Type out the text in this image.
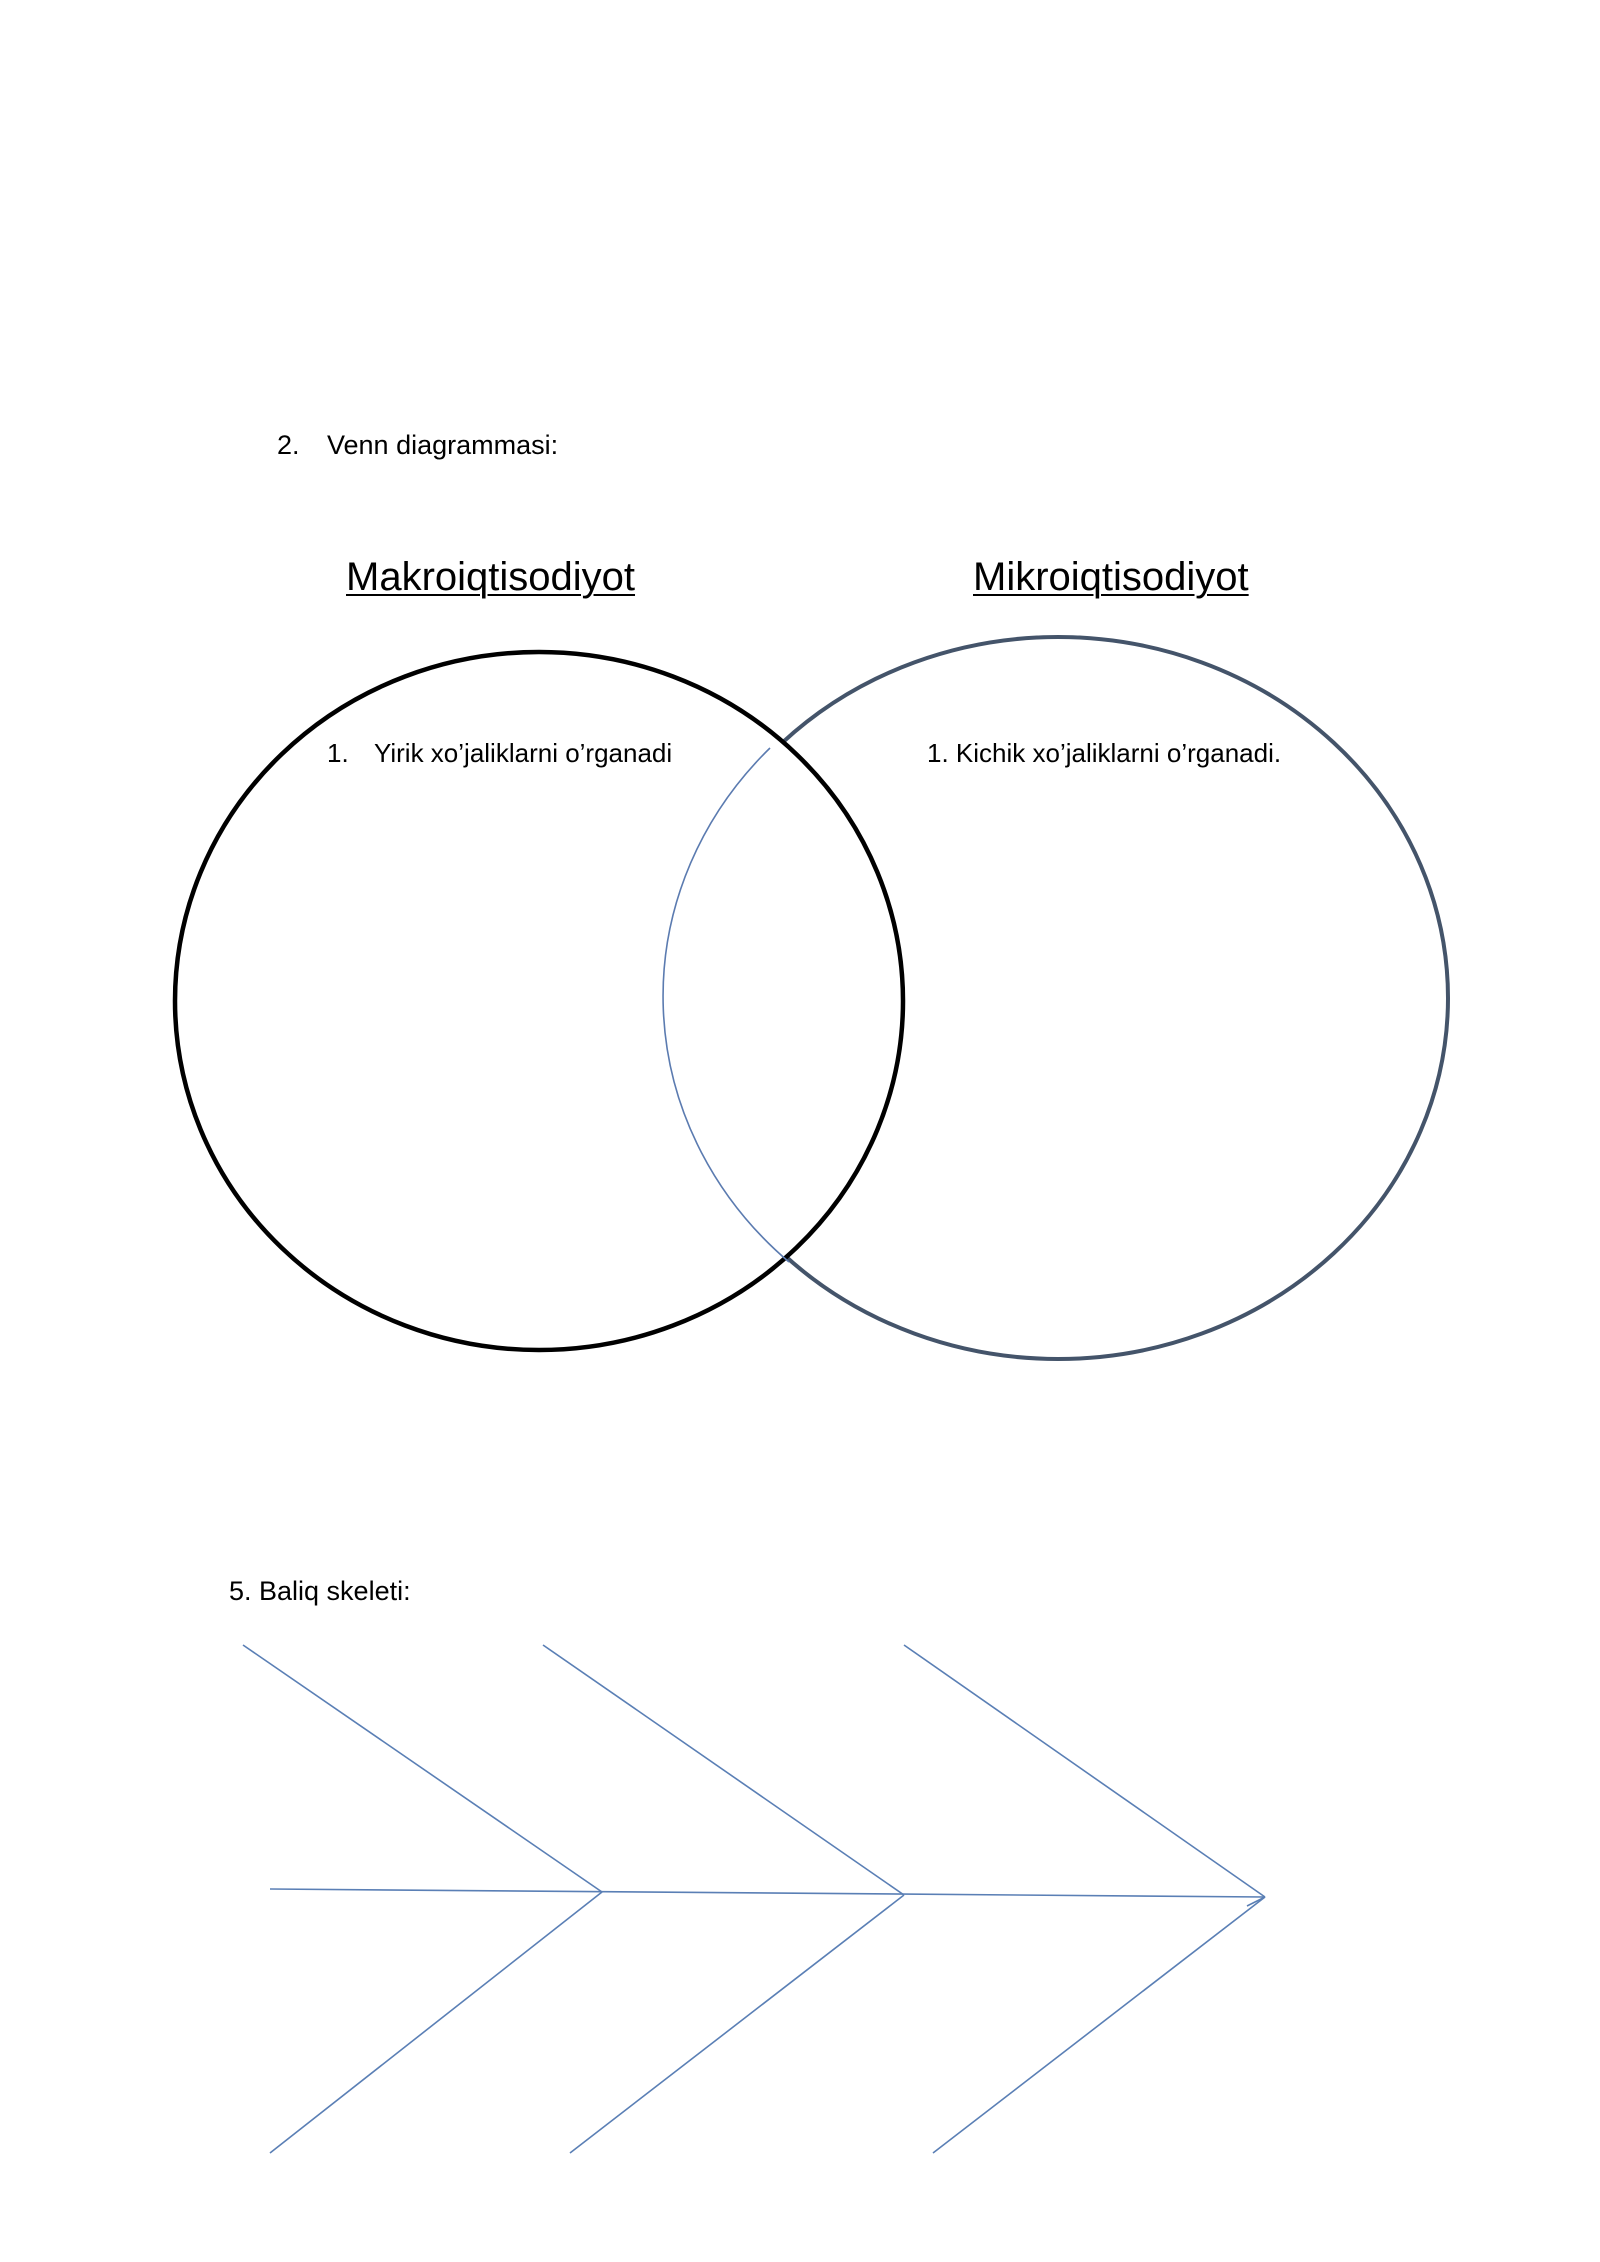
2. Venn diagrammasi:
Makroiqtisodiyot	Mikroiqtisodiyot
1. Yirik xo’jaliklarni o’rganadi	1. Kichik xo’jaliklarni o’rganadi.
5. Baliq skeleti:
